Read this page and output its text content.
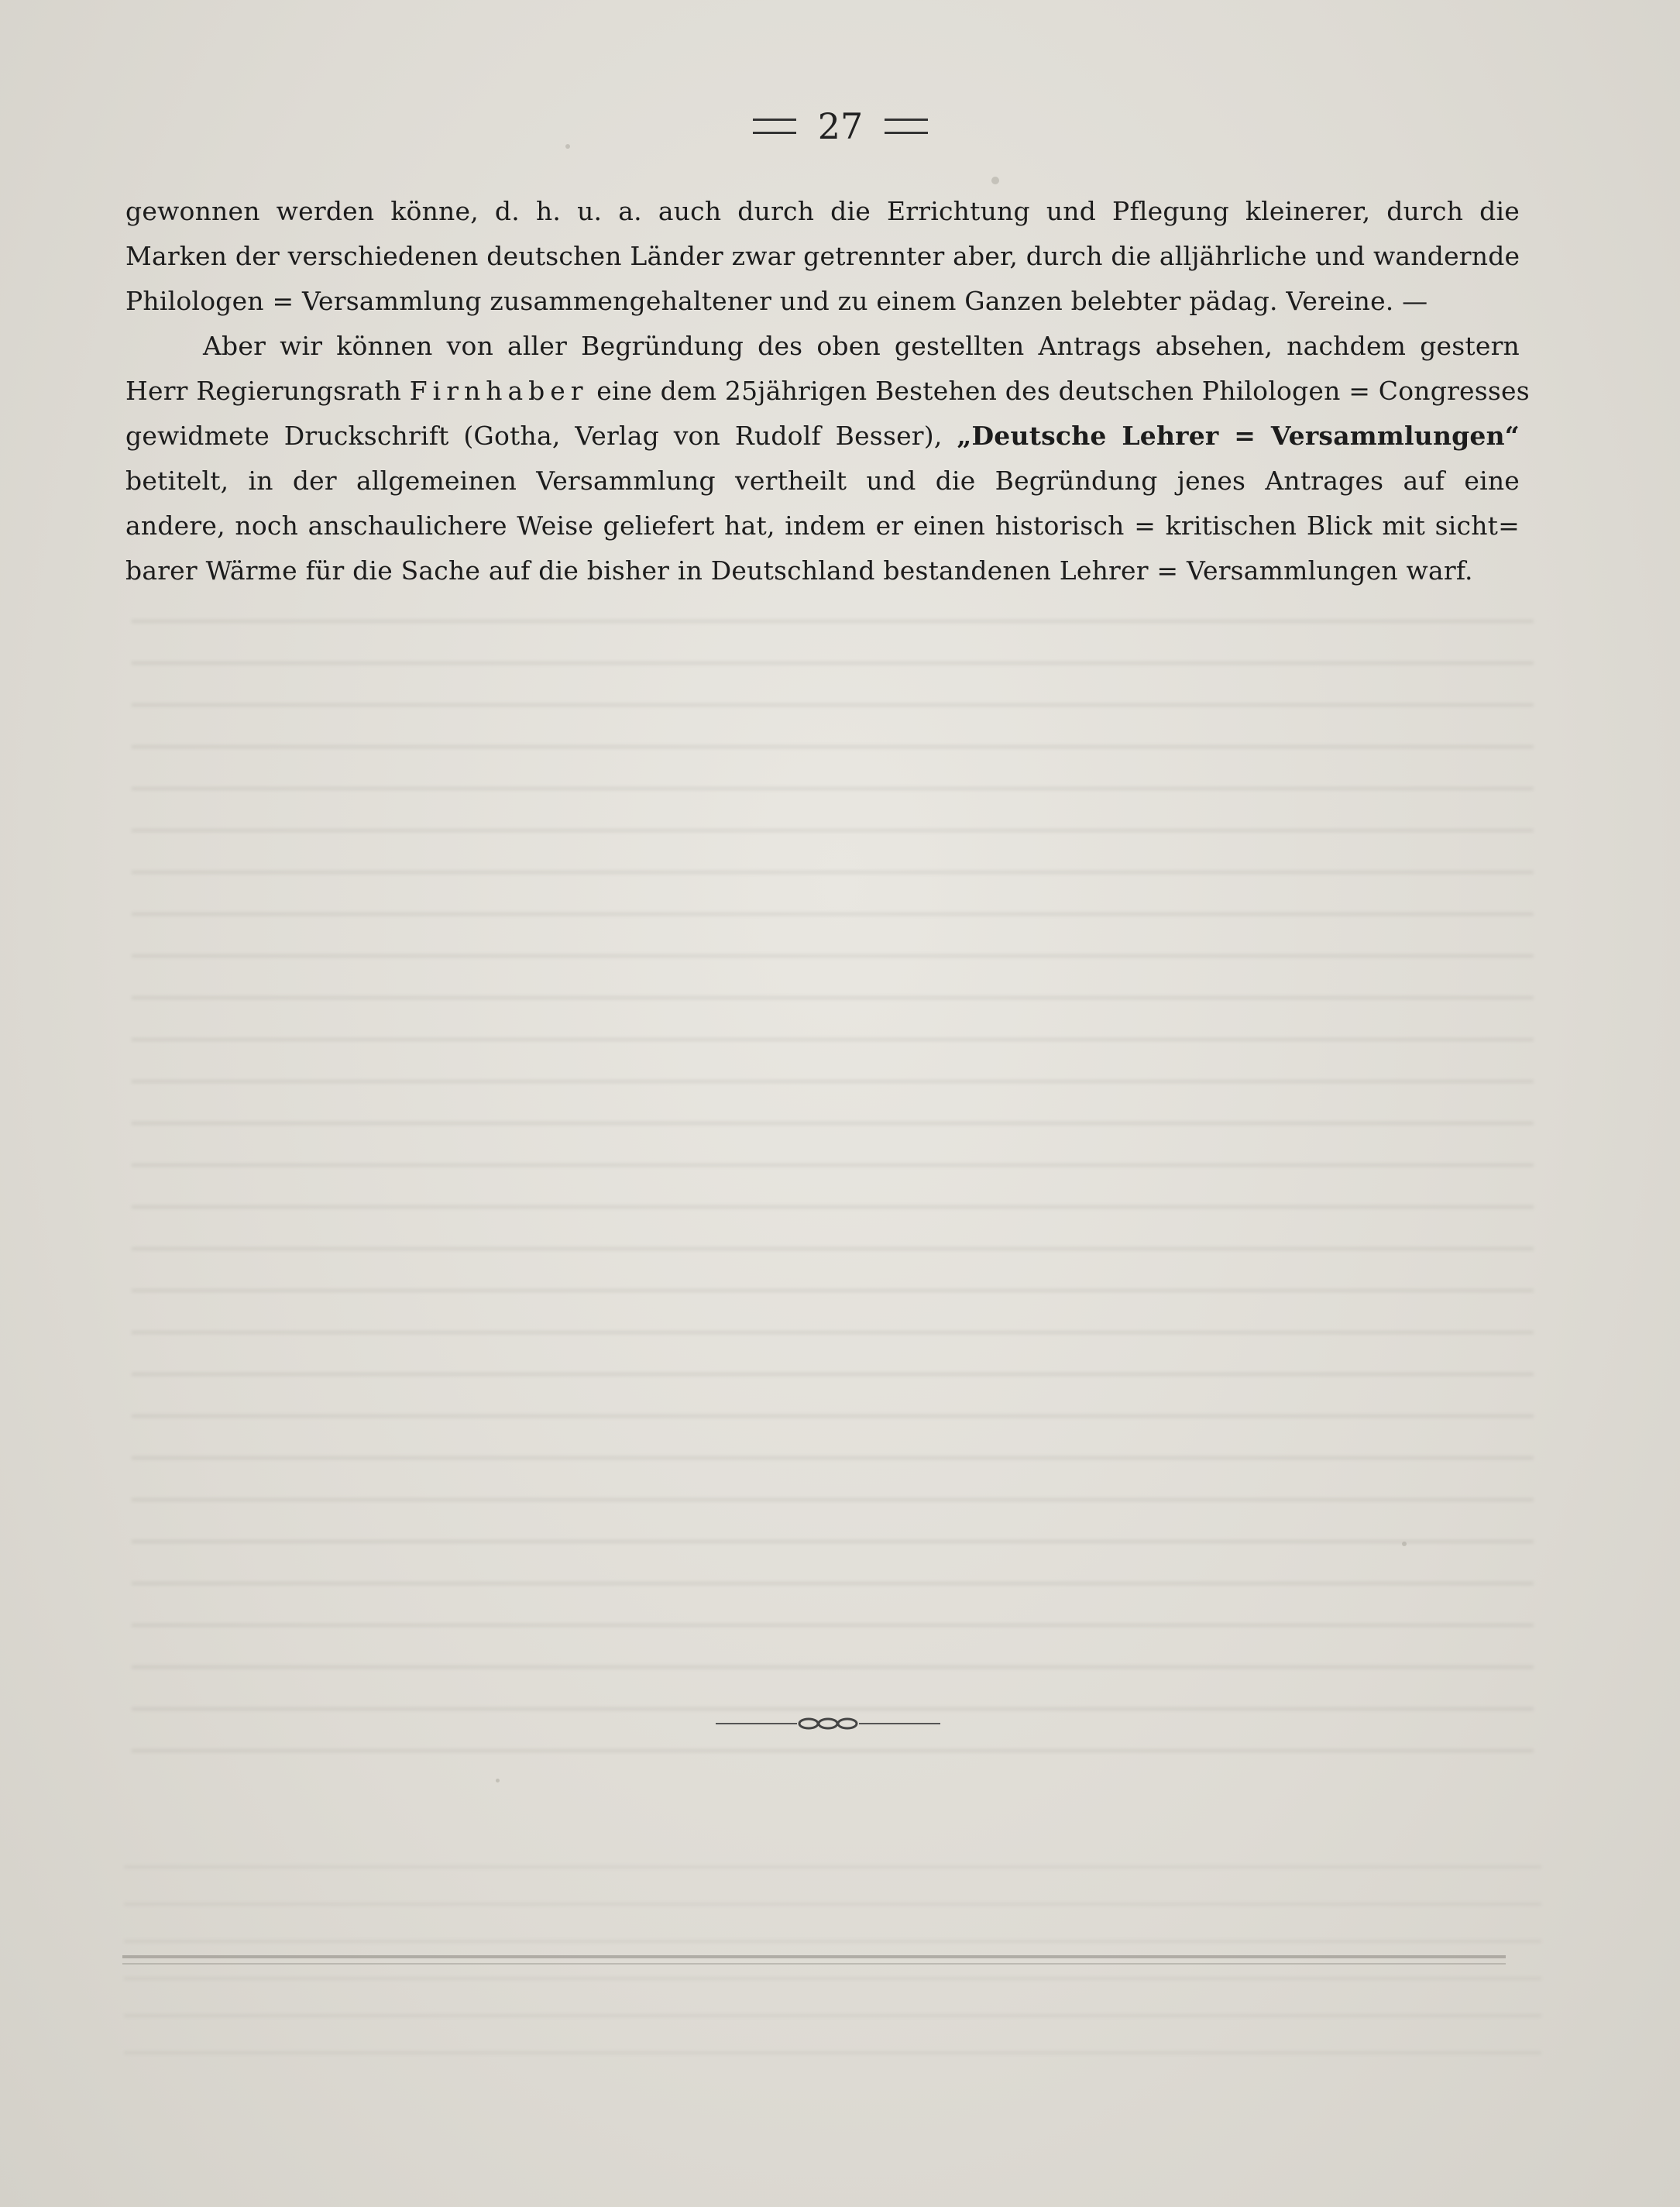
27
gewonnen werden könne, d. h. u. a. auch durch die Errichtung und Pflegung kleinerer, durch die
Marken der verschiedenen deutschen Länder zwar getrennter aber, durch die alljährliche und wandernde
Philologen = Versammlung zusammengehaltener und zu einem Ganzen belebter pädag. Vereine. —
Aber wir können von aller Begründung des oben gestellten Antrags absehen, nachdem gestern
Herr Regierungsrath Firnhaber eine dem 25jährigen Bestehen des deutschen Philologen = Congresses
gewidmete Druckschrift (Gotha, Verlag von Rudolf Besser), „Deutsche Lehrer = Versammlungen“
betitelt, in der allgemeinen Versammlung vertheilt und die Begründung jenes Antrages auf eine
andere, noch anschaulichere Weise geliefert hat, indem er einen historisch = kritischen Blick mit sicht=
barer Wärme für die Sache auf die bisher in Deutschland bestandenen Lehrer = Versammlungen warf.
